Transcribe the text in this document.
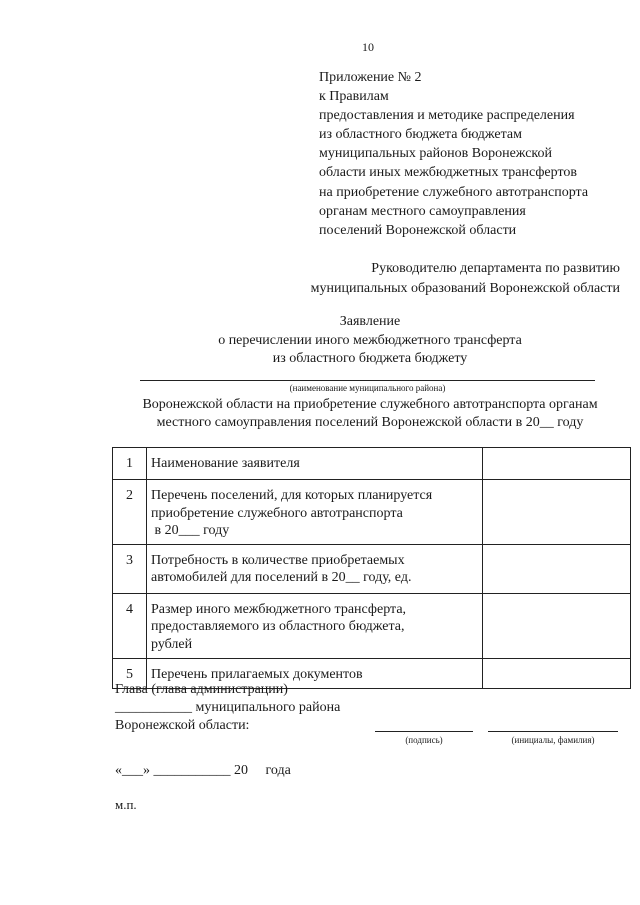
10
Приложение № 2
к Правилам
предоставления и методике распределения
из областного бюджета бюджетам
муниципальных районов Воронежской
области иных межбюджетных трансфертов
на приобретение служебного автотранспорта
органам местного самоуправления
поселений Воронежской области
Руководителю департамента по развитию
муниципальных образований Воронежской области
Заявление
о перечислении иного межбюджетного трансферта
из областного бюджета бюджету
(наименование муниципального района)
Воронежской области на приобретение служебного автотранспорта органам
местного самоуправления поселений Воронежской области в 20__ году
1	Наименование заявителя	

2	Перечень поселений, для которых планируется
приобретение служебного автотранспорта
в 20___ году	

3	Потребность в количестве приобретаемых
автомобилей для поселений в 20__ году, ед.	

4	Размер иного межбюджетного трансферта,
предоставляемого из областного бюджета,
рублей	

5	Перечень прилагаемых документов	

Глава (глава администрации)
___________ муниципального района
Воронежской области:
(подпись)	(инициалы, фамилия)
«___» ___________ 20 года
м.п.
